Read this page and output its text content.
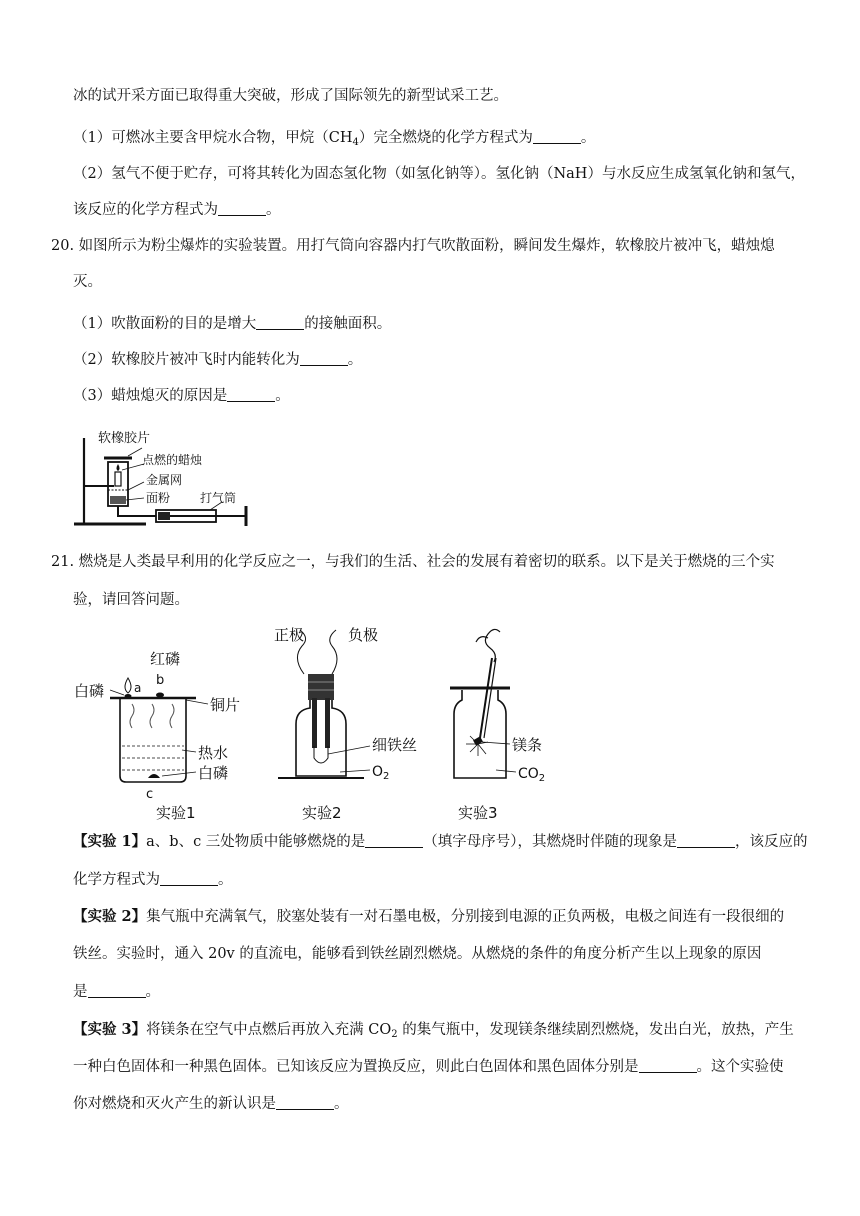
冰的试开采方面已取得重大突破，形成了国际领先的新型试采工艺。
（1）可燃冰主要含甲烷水合物，甲烷$(CH_4)$完全燃烧的化学方程式为	。
（2）氢气不便于贮存，可将其转化为固态氢化物（如氢化钠等）。氢化钠（NaH）与水反应生成氢氧化钠和氢气，
该反应的化学方程式为	。
20. 如图所示为粉尘爆炸的实验装置。用打气筒向容器内打气吹散面粉，瞬间发生爆炸，软橡胶片被冲飞，蜡烛熄
灭。
（1）吹散面粉的目的是增大	的接触面积。
（2）软橡胶片被冲飞时内能转化为	。
（3）蜡烛熄灭的原因是	。
软橡胶片
点燃的蜡烛
金属网
面粉 打气筒
21. 燃烧是人类最早利用的化学反应之一，与我们的生活、社会的发展有着密切的联系。以下是关于燃烧的三个实
验，请回答问题。
白磷
红磷
a b
铜片
热水
白磷
c
实验1
正极	负极
细铁丝
$O_2$
实验2
镁条
$CO_2$
实验3
【实验 1】a、b、c 三处物质中能够燃烧的是	（填字母序号），其燃烧时伴随的现象是	，该反应的
化学方程式为	。
【实验 2】集气瓶中充满氧气，胶塞处装有一对石墨电极，分别接到电源的正负两极，电极之间连有一段很细的
铁丝。实验时，通入 20v 的直流电，能够看到铁丝剧烈燃烧。从燃烧的条件的角度分析产生以上现象的原因
是	。
【实验 3】将镁条在空气中点燃后再放入充满 $CO_2$ 的集气瓶中，发现镁条继续剧烈燃烧，发出白光，放热，产生
一种白色固体和一种黑色固体。已知该反应为置换反应，则此白色固体和黑色固体分别是	。这个实验使
你对燃烧和灭火产生的新认识是	。
